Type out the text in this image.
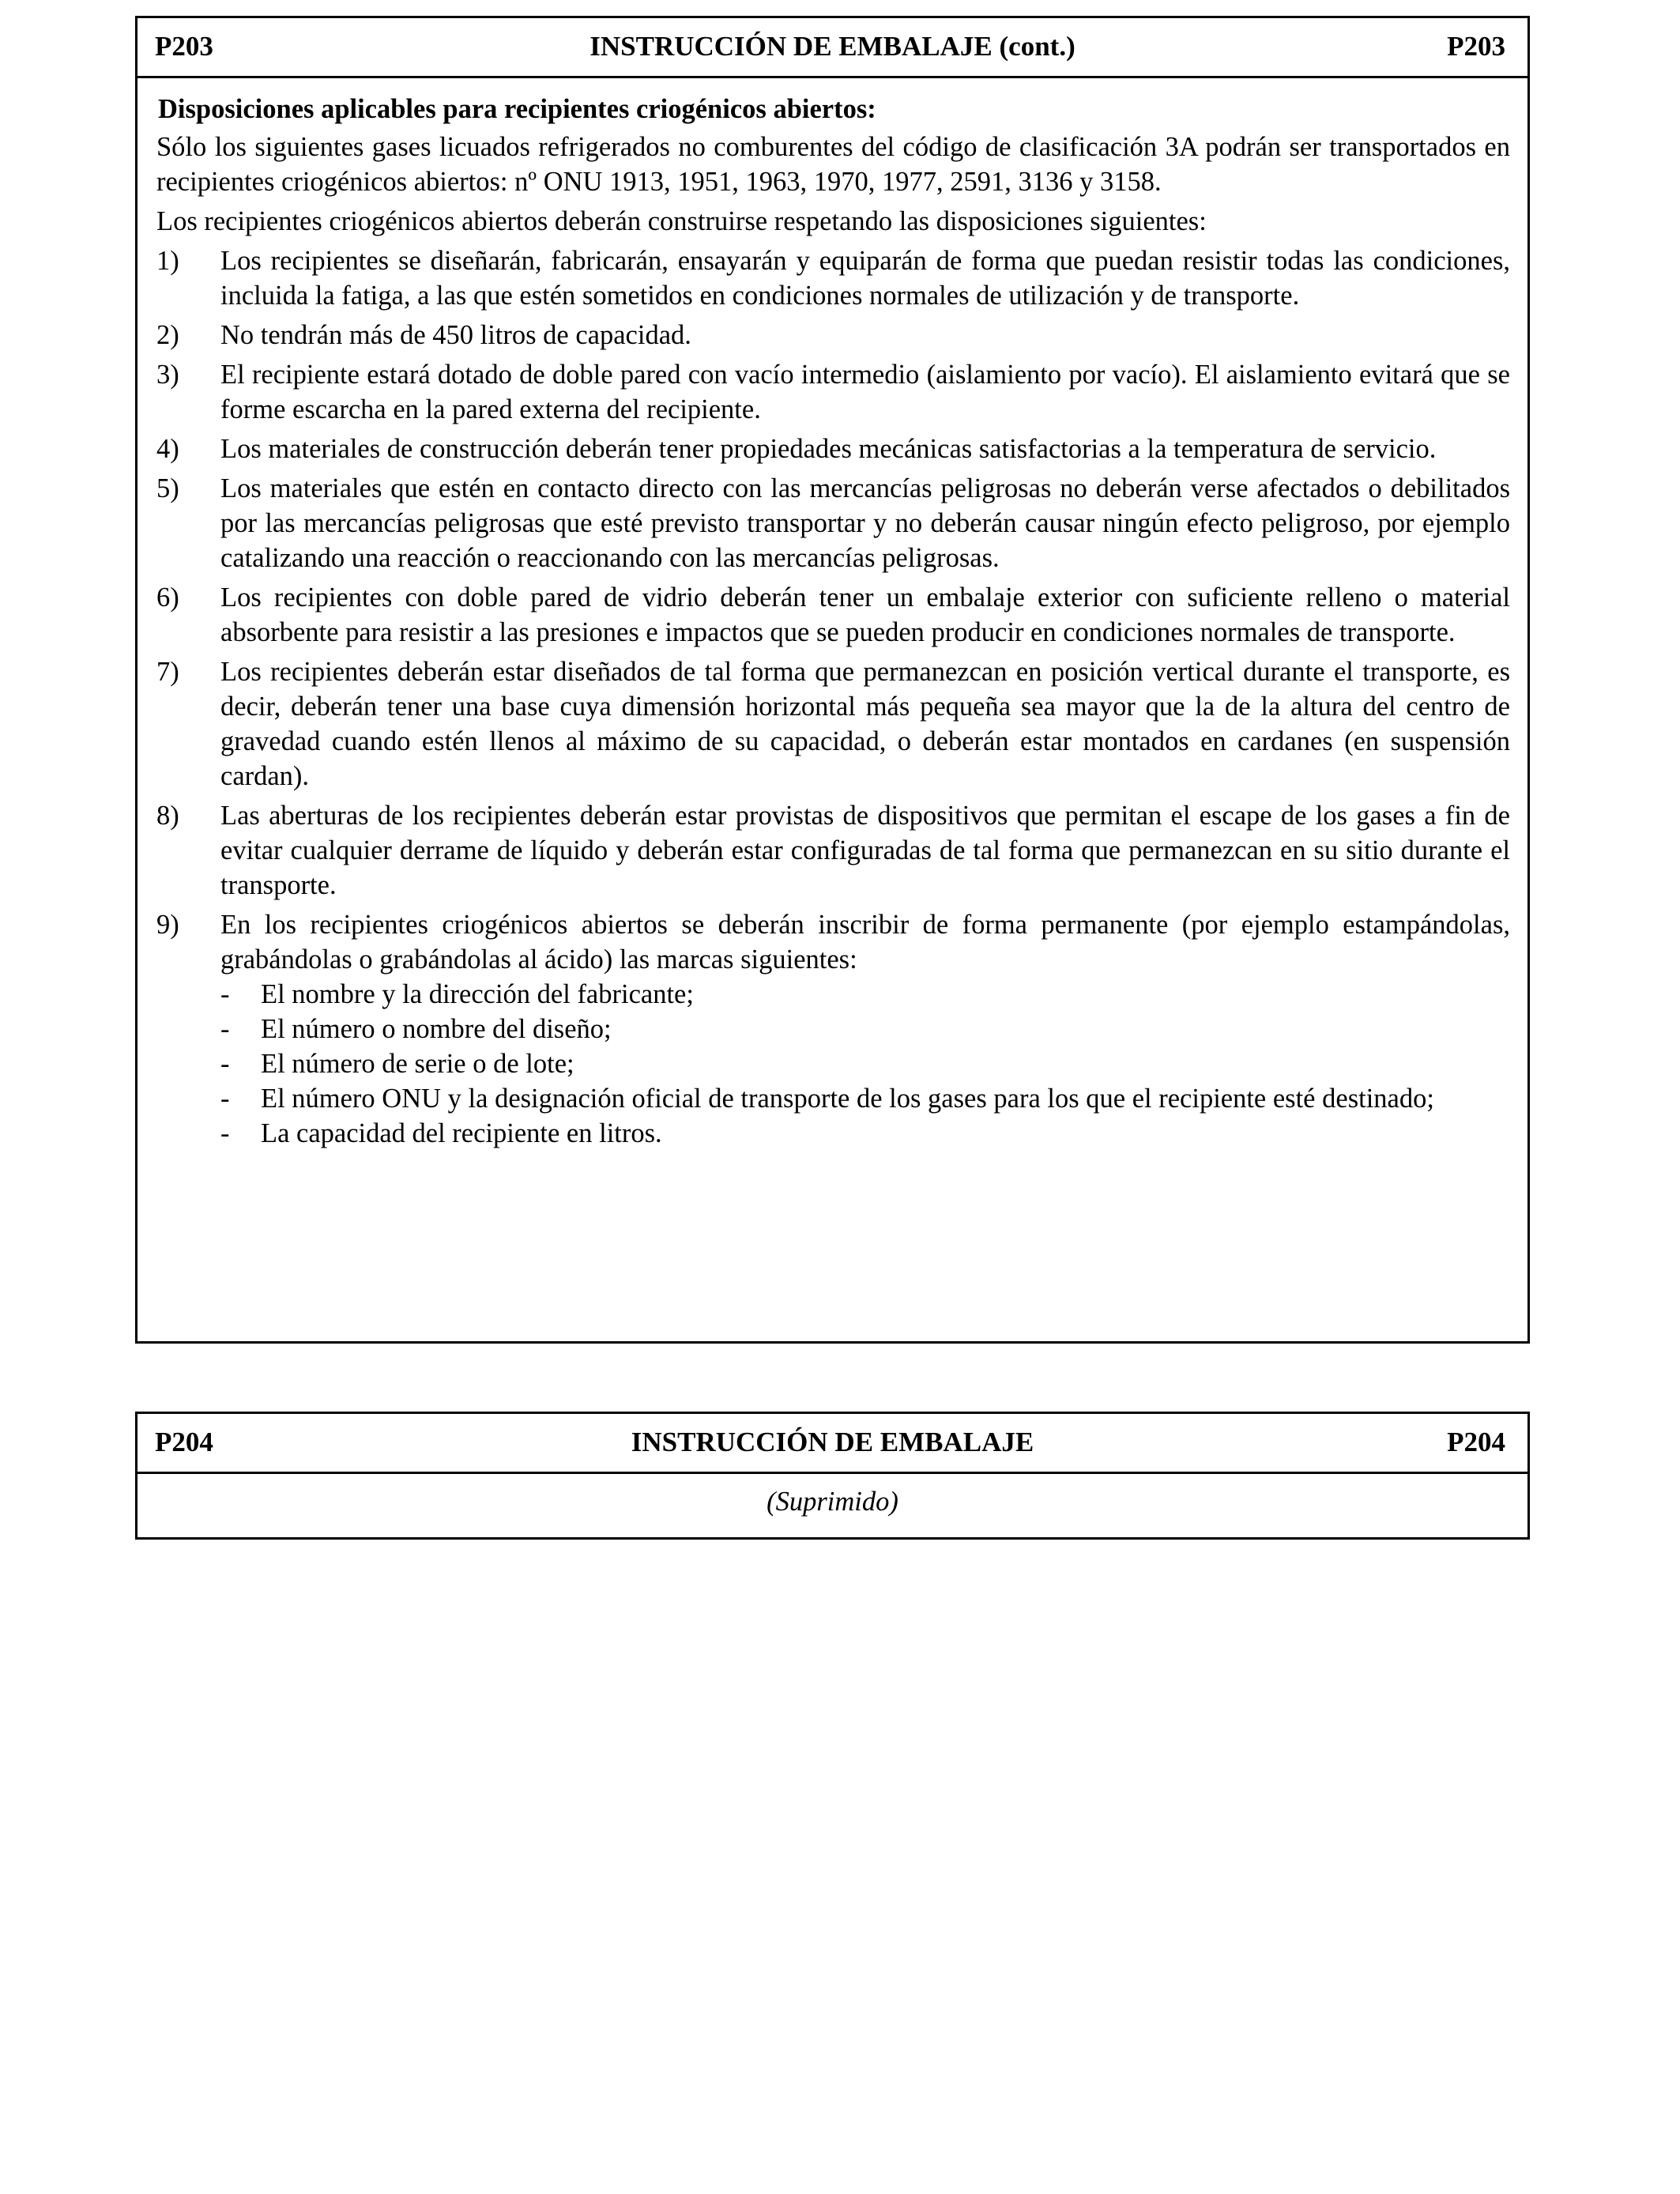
INSTRUCCIÓN DE EMBALAJE (cont.)
P203	P203
Disposiciones aplicables para recipientes criogénicos abiertos:
Sólo los siguientes gases licuados refrigerados no comburentes del código de clasificación 3A podrán ser transportados en recipientes criogénicos abiertos: nº ONU 1913, 1951, 1963, 1970, 1977, 2591, 3136 y 3158.
Los recipientes criogénicos abiertos deberán construirse respetando las disposiciones siguientes:
1) Los recipientes se diseñarán, fabricarán, ensayarán y equiparán de forma que puedan resistir todas las condiciones, incluida la fatiga, a las que estén sometidos en condiciones normales de utilización y de transporte.
2) No tendrán más de 450 litros de capacidad.
3) El recipiente estará dotado de doble pared con vacío intermedio (aislamiento por vacío). El aislamiento evitará que se forme escarcha en la pared externa del recipiente.
4) Los materiales de construcción deberán tener propiedades mecánicas satisfactorias a la temperatura de servicio.
5) Los materiales que estén en contacto directo con las mercancías peligrosas no deberán verse afectados o debilitados por las mercancías peligrosas que esté previsto transportar y no deberán causar ningún efecto peligroso, por ejemplo catalizando una reacción o reaccionando con las mercancías peligrosas.
6) Los recipientes con doble pared de vidrio deberán tener un embalaje exterior con suficiente relleno o material absorbente para resistir a las presiones e impactos que se pueden producir en condiciones normales de transporte.
7) Los recipientes deberán estar diseñados de tal forma que permanezcan en posición vertical durante el transporte, es decir, deberán tener una base cuya dimensión horizontal más pequeña sea mayor que la de la altura del centro de gravedad cuando estén llenos al máximo de su capacidad, o deberán estar montados en cardanes (en suspensión cardan).
8) Las aberturas de los recipientes deberán estar provistas de dispositivos que permitan el escape de los gases a fin de evitar cualquier derrame de líquido y deberán estar configuradas de tal forma que permanezcan en su sitio durante el transporte.
9) En los recipientes criogénicos abiertos se deberán inscribir de forma permanente (por ejemplo estampándolas, grabándolas o grabándolas al ácido) las marcas siguientes:
- El nombre y la dirección del fabricante;
- El número o nombre del diseño;
- El número de serie o de lote;
- El número ONU y la designación oficial de transporte de los gases para los que el recipiente esté destinado;
- La capacidad del recipiente en litros.
INSTRUCCIÓN DE EMBALAJE
P204	P204
(Suprimido)
